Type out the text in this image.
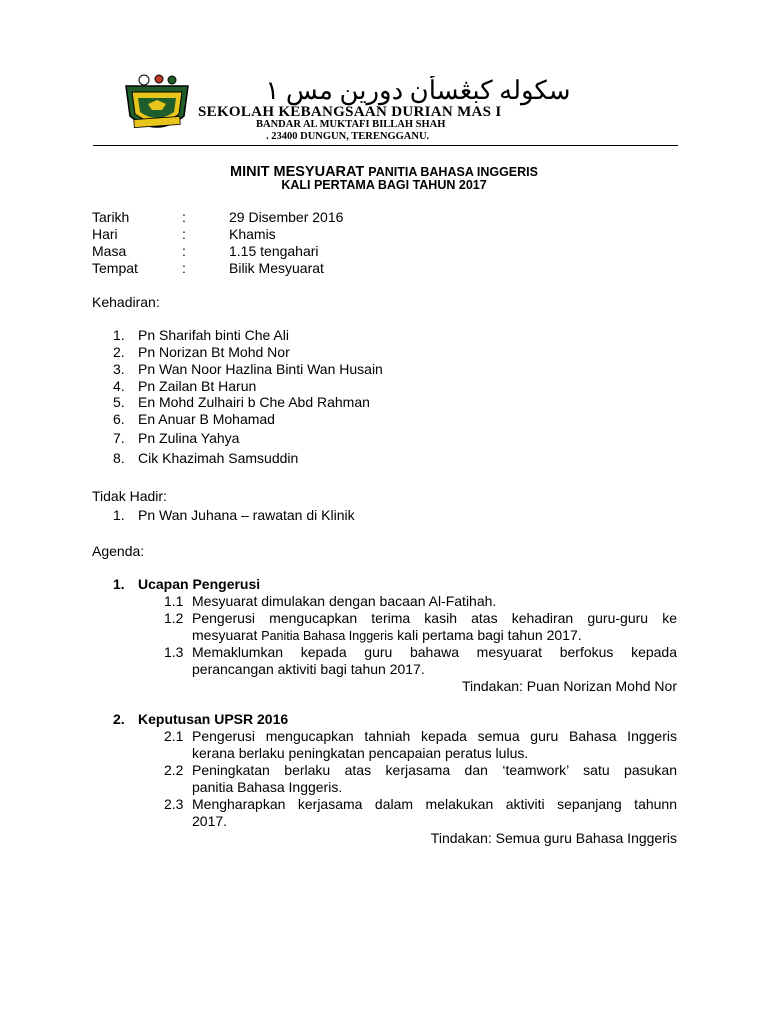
سكوله كبڠسأن دورين مس ١
SEKOLAH KEBANGSAAN DURIAN MAS I
BANDAR AL MUKTAFI BILLAH SHAH
. 23400 DUNGUN, TERENGGANU.
MINIT MESYUARAT PANITIA BAHASA INGGERIS
KALI PERTAMA BAGI TAHUN 2017
Tarikh	:	29 Disember 2016
Hari	:	Khamis
Masa	:	1.15 tengahari
Tempat	:	Bilik Mesyuarat
Kehadiran:
1. Pn Sharifah binti Che Ali
2. Pn Norizan Bt Mohd Nor
3. Pn Wan Noor Hazlina Binti Wan Husain
4. Pn Zailan Bt Harun
5. En Mohd Zulhairi b Che Abd Rahman
6. En Anuar B Mohamad
7. Pn Zulina Yahya
8. Cik Khazimah Samsuddin
Tidak Hadir:
1. Pn Wan Juhana – rawatan di Klinik
Agenda:
1. Ucapan Pengerusi
1.1 Mesyuarat dimulakan dengan bacaan Al-Fatihah.
1.2 Pengerusi mengucapkan terima kasih atas kehadiran guru-guru ke
mesyuarat Panitia Bahasa Inggeris kali pertama bagi tahun 2017.
1.3 Memaklumkan kepada guru bahawa mesyuarat berfokus kepada
perancangan aktiviti bagi tahun 2017.
Tindakan: Puan Norizan Mohd Nor
2. Keputusan UPSR 2016
2.1 Pengerusi mengucapkan tahniah kepada semua guru Bahasa Inggeris
kerana berlaku peningkatan pencapaian peratus lulus.
2.2 Peningkatan berlaku atas kerjasama dan ‘teamwork’ satu pasukan
panitia Bahasa Inggeris.
2.3 Mengharapkan kerjasama dalam melakukan aktiviti sepanjang tahunn
2017.
Tindakan: Semua guru Bahasa Inggeris
